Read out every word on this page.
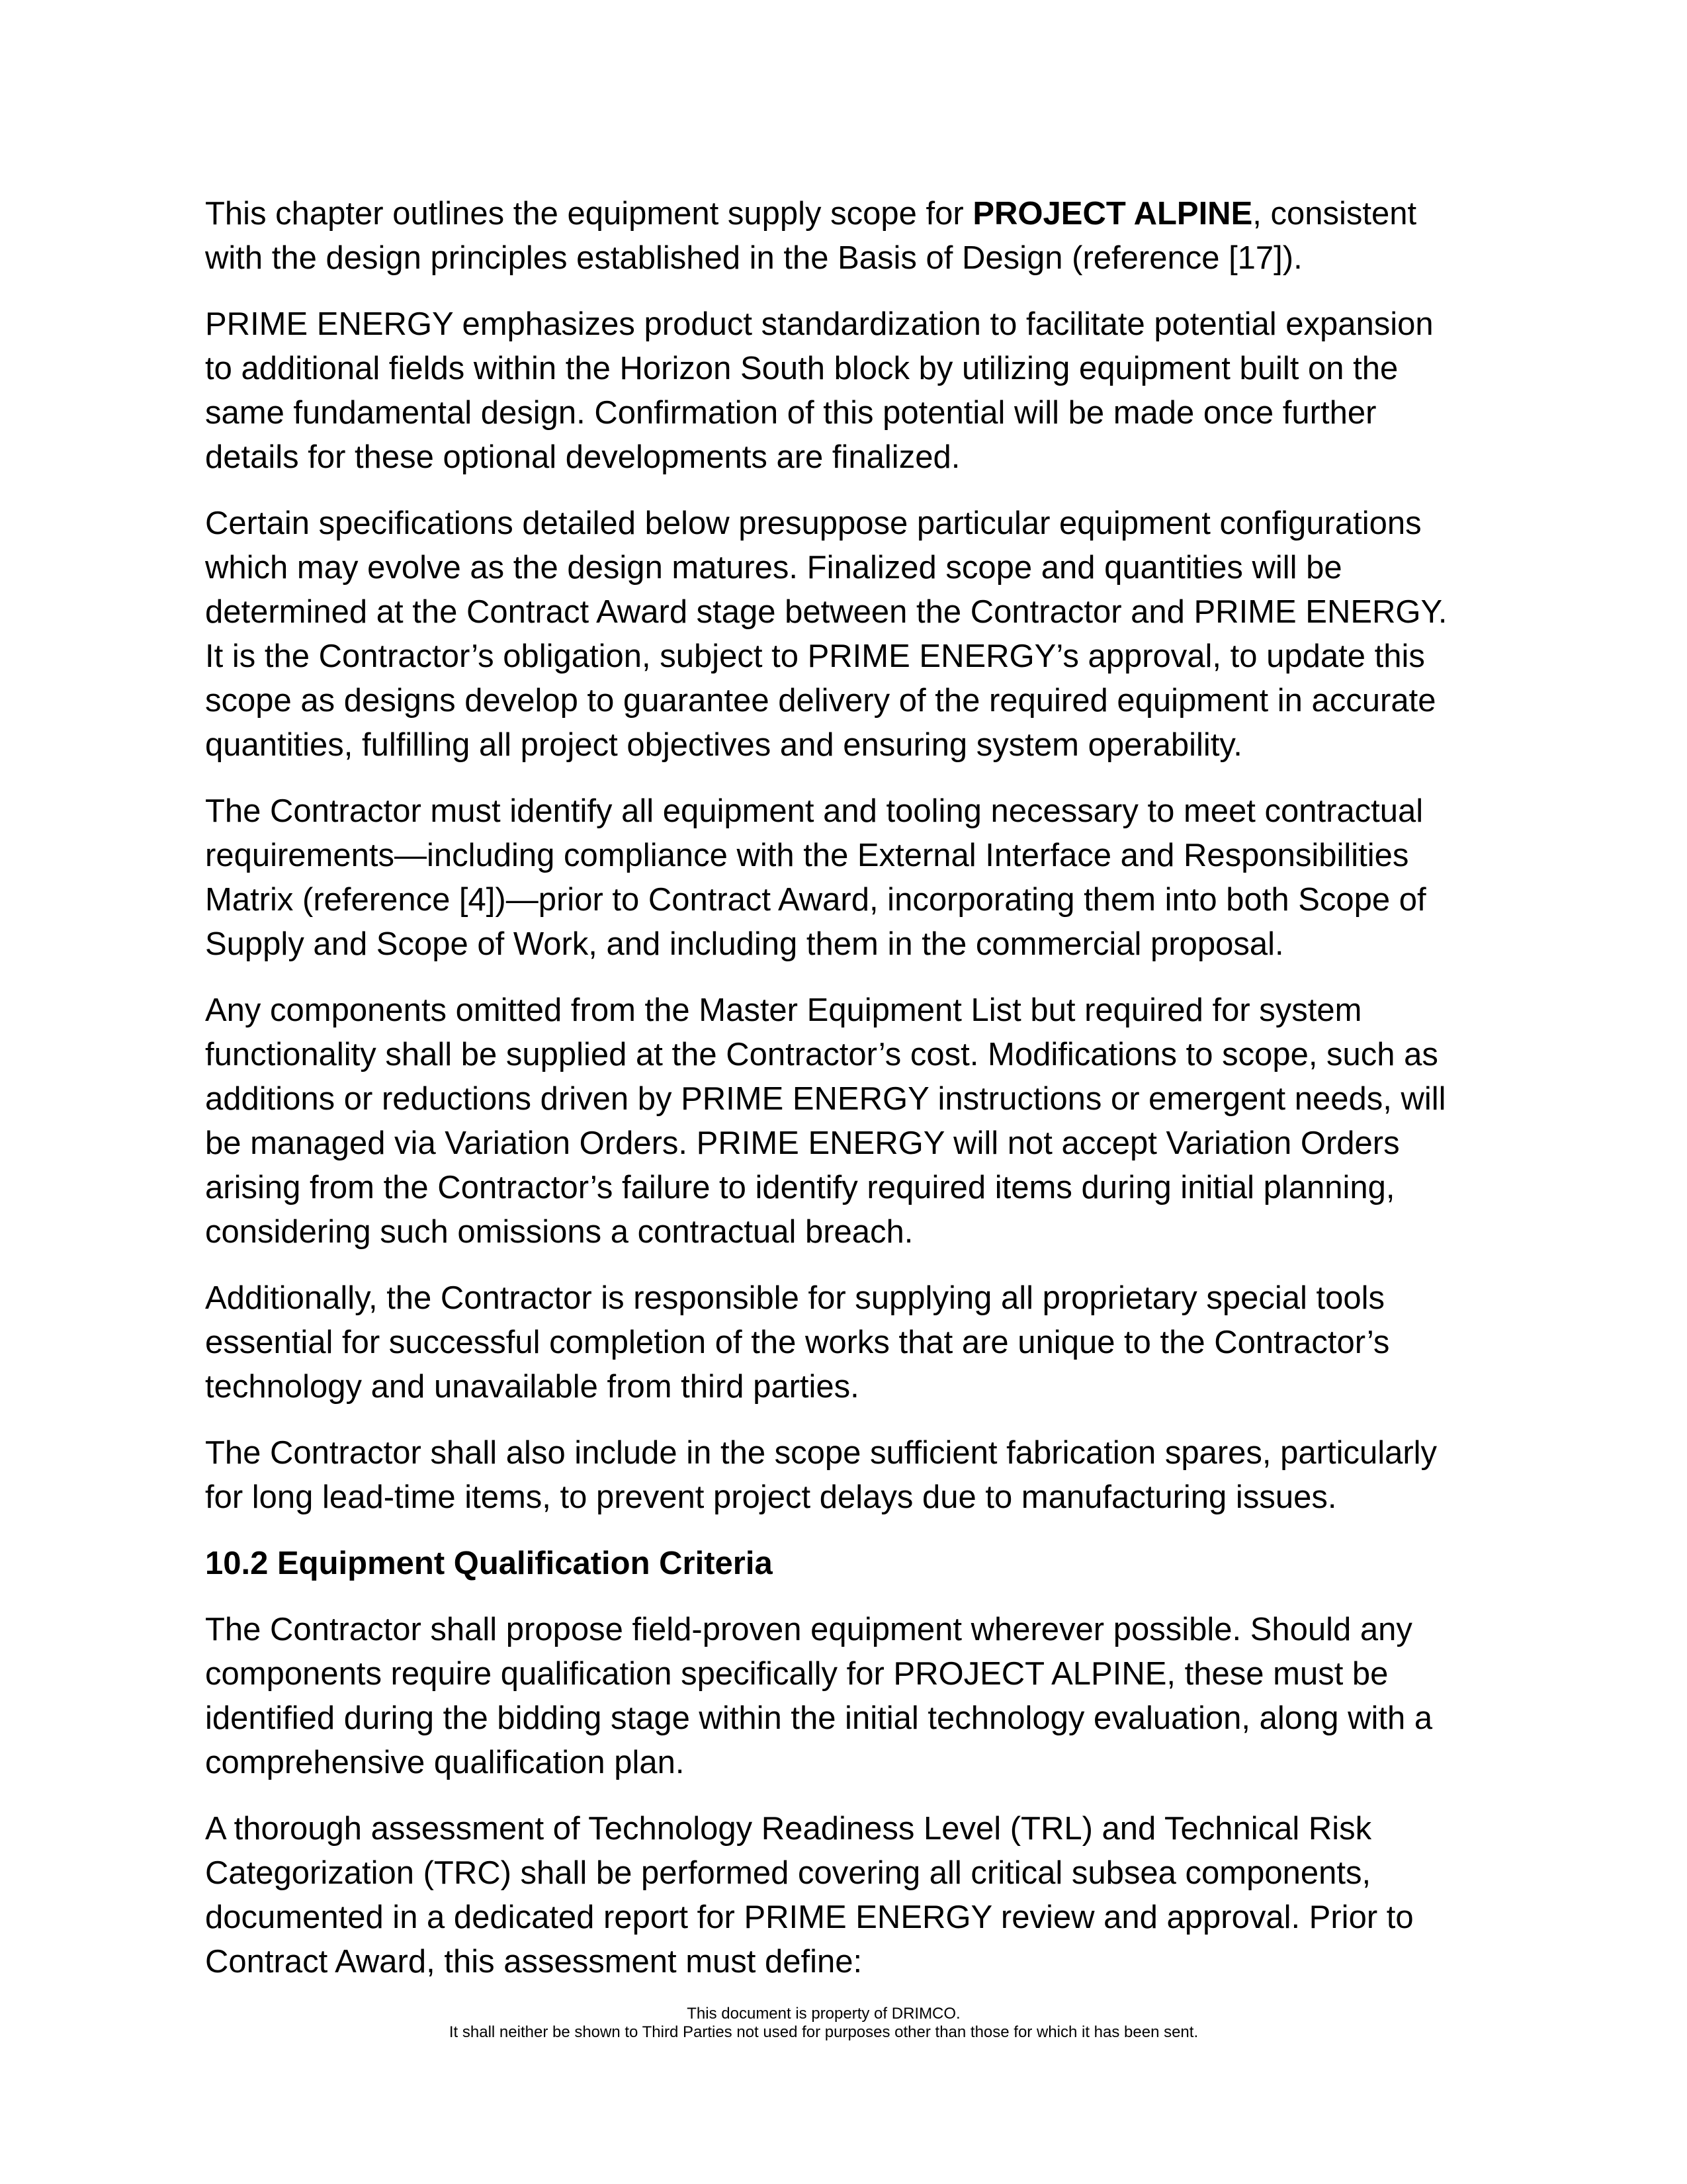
This chapter outlines the equipment supply scope for PROJECT ALPINE, consistent with the design principles established in the Basis of Design (reference [17]).

PRIME ENERGY emphasizes product standardization to facilitate potential expansion to additional fields within the Horizon South block by utilizing equipment built on the same fundamental design. Confirmation of this potential will be made once further details for these optional developments are finalized.

Certain specifications detailed below presuppose particular equipment configurations which may evolve as the design matures. Finalized scope and quantities will be determined at the Contract Award stage between the Contractor and PRIME ENERGY. It is the Contractor’s obligation, subject to PRIME ENERGY’s approval, to update this scope as designs develop to guarantee delivery of the required equipment in accurate quantities, fulfilling all project objectives and ensuring system operability.

The Contractor must identify all equipment and tooling necessary to meet contractual requirements—including compliance with the External Interface and Responsibilities Matrix (reference [4])—prior to Contract Award, incorporating them into both Scope of Supply and Scope of Work, and including them in the commercial proposal.

Any components omitted from the Master Equipment List but required for system functionality shall be supplied at the Contractor’s cost. Modifications to scope, such as additions or reductions driven by PRIME ENERGY instructions or emergent needs, will be managed via Variation Orders. PRIME ENERGY will not accept Variation Orders arising from the Contractor’s failure to identify required items during initial planning, considering such omissions a contractual breach.

Additionally, the Contractor is responsible for supplying all proprietary special tools essential for successful completion of the works that are unique to the Contractor’s technology and unavailable from third parties.

The Contractor shall also include in the scope sufficient fabrication spares, particularly for long lead-time items, to prevent project delays due to manufacturing issues.

10.2 Equipment Qualification Criteria

The Contractor shall propose field-proven equipment wherever possible. Should any components require qualification specifically for PROJECT ALPINE, these must be identified during the bidding stage within the initial technology evaluation, along with a comprehensive qualification plan.

A thorough assessment of Technology Readiness Level (TRL) and Technical Risk Categorization (TRC) shall be performed covering all critical subsea components, documented in a dedicated report for PRIME ENERGY review and approval. Prior to Contract Award, this assessment must define:

This document is property of DRIMCO.
It shall neither be shown to Third Parties not used for purposes other than those for which it has been sent.
